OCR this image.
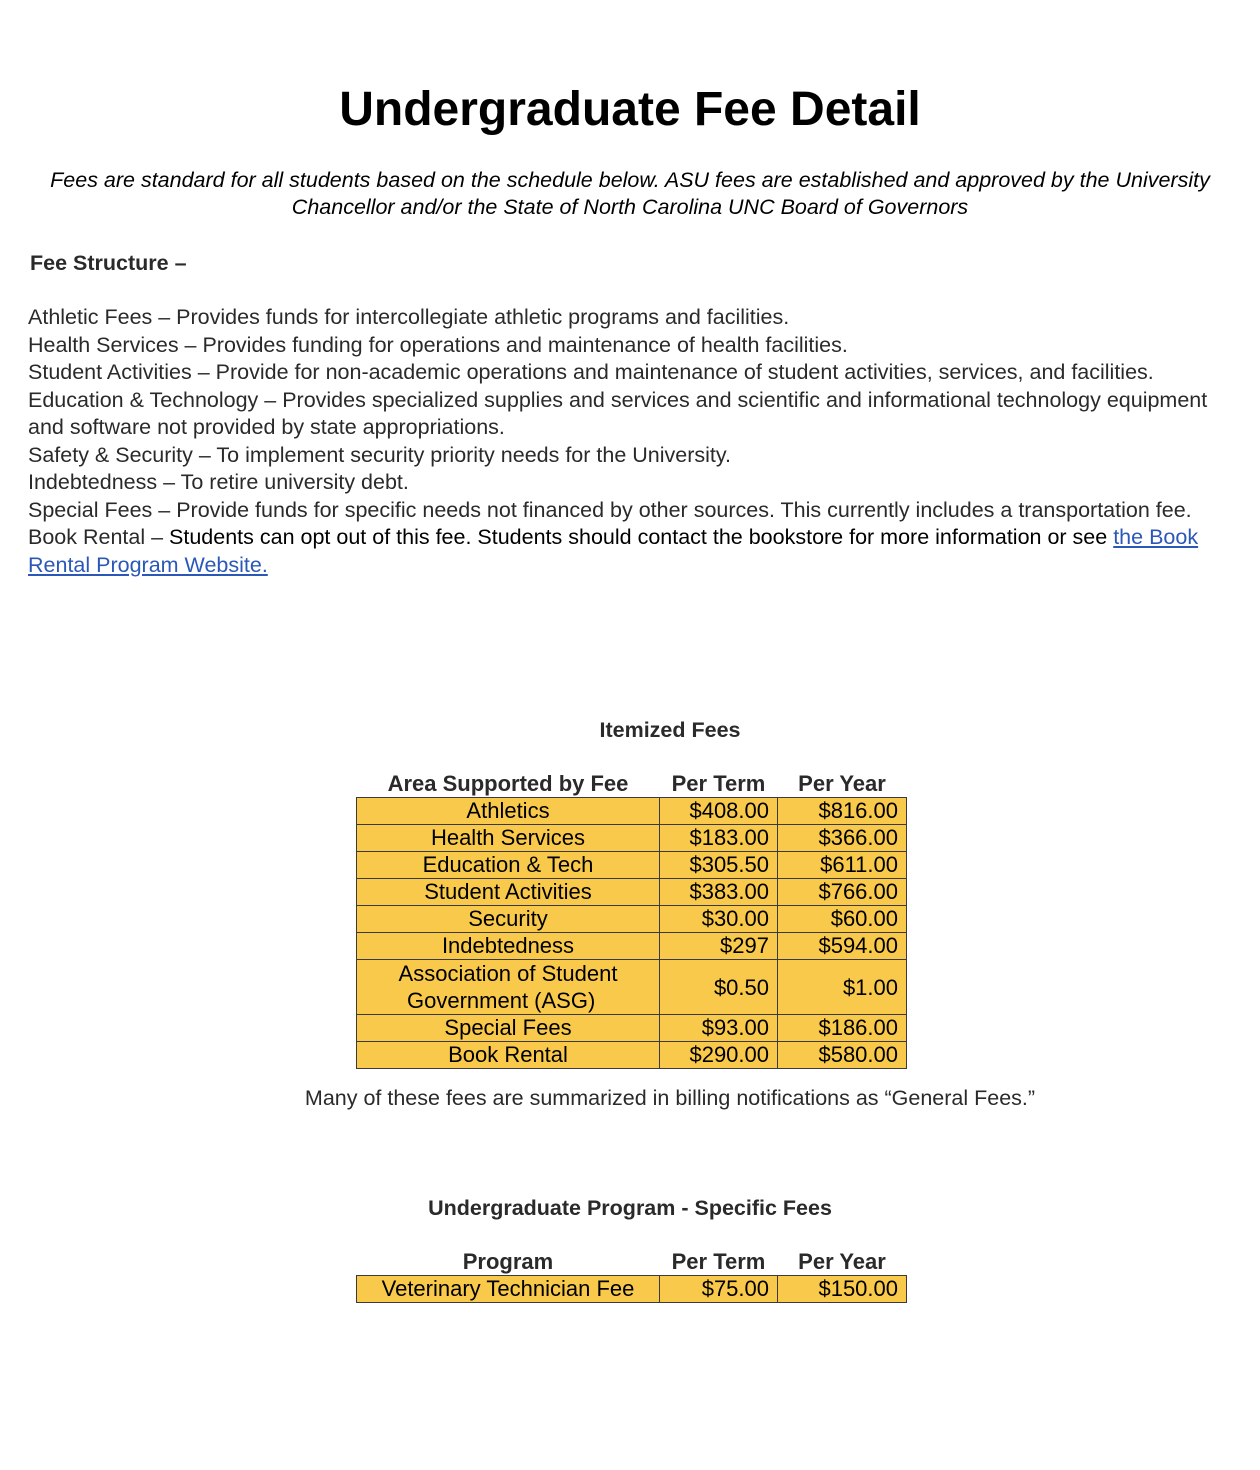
Undergraduate Fee Detail
Fees are standard for all students based on the schedule below. ASU fees are established and approved by the University Chancellor and/or the State of North Carolina UNC Board of Governors
Fee Structure –

Athletic Fees – Provides funds for intercollegiate athletic programs and facilities.

Health Services – Provides funding for operations and maintenance of health facilities.

Student Activities – Provide for non-academic operations and maintenance of student activities, services, and facilities.

Education & Technology – Provides specialized supplies and services and scientific and informational technology equipment and software not provided by state appropriations.

Safety & Security – To implement security priority needs for the University.

Indebtedness – To retire university debt.

Special Fees – Provide funds for specific needs not financed by other sources. This currently includes a transportation fee.

Book Rental – Students can opt out of this fee. Students should contact the bookstore for more information or see the Book Rental Program Website.

Itemized Fees
Area Supported by Fee	Per Term	Per Year
Athletics	$408.00	$816.00
Health Services	$183.00	$366.00
Education & Tech	$305.50	$611.00
Student Activities	$383.00	$766.00
Security	$30.00	$60.00
Indebtedness	$297	$594.00
Association of Student
Government (ASG)	$0.50	$1.00
Special Fees	$93.00	$186.00
Book Rental	$290.00	$580.00
Many of these fees are summarized in billing notifications as “General Fees.”
Undergraduate Program - Specific Fees
Program	Per Term	Per Year
Veterinary Technician Fee	$75.00	$150.00
